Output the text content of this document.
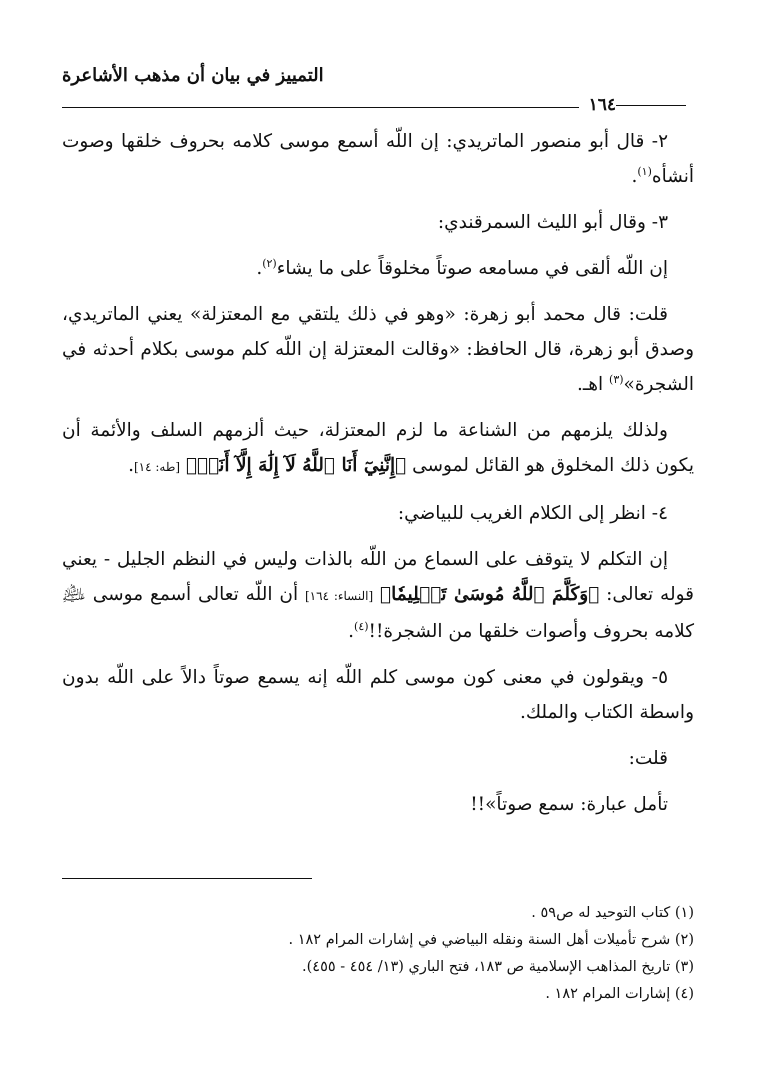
التمييز في بيان أن مذهب الأشاعرة
١٦٤

٢- قال أبو منصور الماتريدي: إن اللّه أسمع موسى كلامه بحروف خلقها وصوت أنشأه$^{(١)}$.

٣- وقال أبو الليث السمرقندي:

إن اللّه ألقى في مسامعه صوتاً مخلوقاً على ما يشاء$^{(٢)}$.

قلت: قال محمد أبو زهرة: «وهو في ذلك يلتقي مع المعتزلة» يعني الماتريدي، وصدق أبو زهرة، قال الحافظ: «وقالت المعتزلة إن اللّه كلم موسى بكلام أحدثه في الشجرة»$^{(٣)}$ اهـ.

ولذلك يلزمهم من الشناعة ما لزم المعتزلة، حيث ألزمهم السلف والأئمة أن يكون ذلك المخلوق هو القائل لموسى ﴿إِنَّنِيٓ أَنَا ٱللَّهُ لَآ إِلَٰهَ إِلَّآ أَنَا۠﴾ [طه: ١٤].

٤- انظر إلى الكلام الغريب للبياضي:

إن التكلم لا يتوقف على السماع من اللّه بالذات وليس في النظم الجليل - يعني قوله تعالى: ﴿وَكَلَّمَ ٱللَّهُ مُوسَىٰ تَكۡلِيمٗا﴾ [النساء: ١٦٤] أن اللّه تعالى أسمع موسى ﵇ كلامه بحروف وأصوات خلقها من الشجرة!!$^{(٤)}$.

٥- ويقولون في معنى كون موسى كلم اللّه إنه يسمع صوتاً دالاً على اللّه بدون واسطة الكتاب والملك.

قلت:

تأمل عبارة: سمع صوتاً»!!

(١) كتاب التوحيد له ص٥٩ .

(٢) شرح تأميلات أهل السنة ونقله البياضي في إشارات المرام ١٨٢ .

(٣) تاريخ المذاهب الإسلامية ص ١٨٣، فتح الباري (١٣/ ٤٥٤ - ٤٥٥).

(٤) إشارات المرام ١٨٢ .
